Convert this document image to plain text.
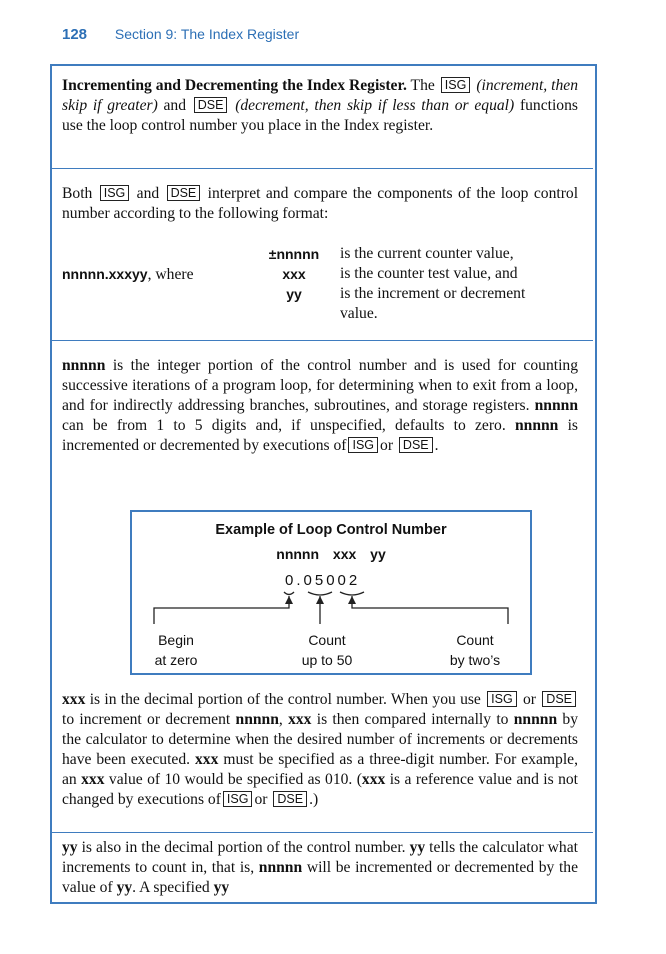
128 Section 9: The Index Register
Incrementing and Decrementing the Index Register. The ISG (increment, then skip if greater) and DSE (decrement, then skip if less than or equal) functions use the loop control number you place in the Index register.
Both ISG and DSE interpret and compare the components of the loop control number according to the following format:
nnnnn.xxxyy, where
±nnnnn	is the current counter value,
xxx	is the counter test value, and
yy	is the increment or decrement
value.
nnnnn is the integer portion of the control number and is used for counting successive iterations of a program loop, for determining when to exit from a loop, and for indirectly addressing branches, subroutines, and storage registers. nnnnn can be from 1 to 5 digits and, if unspecified, defaults to zero. nnnnn is incremented or decremented by executions of ISG or DSE .
Example of Loop Control Number
nnnnn xxx yy
0.05002
Begin
at zero
Count
up to 50
Count
by two’s
xxx is in the decimal portion of the control number. When you use ISG or DSE to increment or decrement nnnnn, xxx is then compared internally to nnnnn by the calculator to determine when the desired number of increments or decrements have been executed. xxx must be specified as a three-digit number. For example, an xxx value of 10 would be specified as 010. (xxx is a reference value and is not changed by executions of ISG or DSE .)
yy is also in the decimal portion of the control number. yy tells the calculator what increments to count in, that is, nnnnn will be incremented or decremented by the value of yy. A specified yy
